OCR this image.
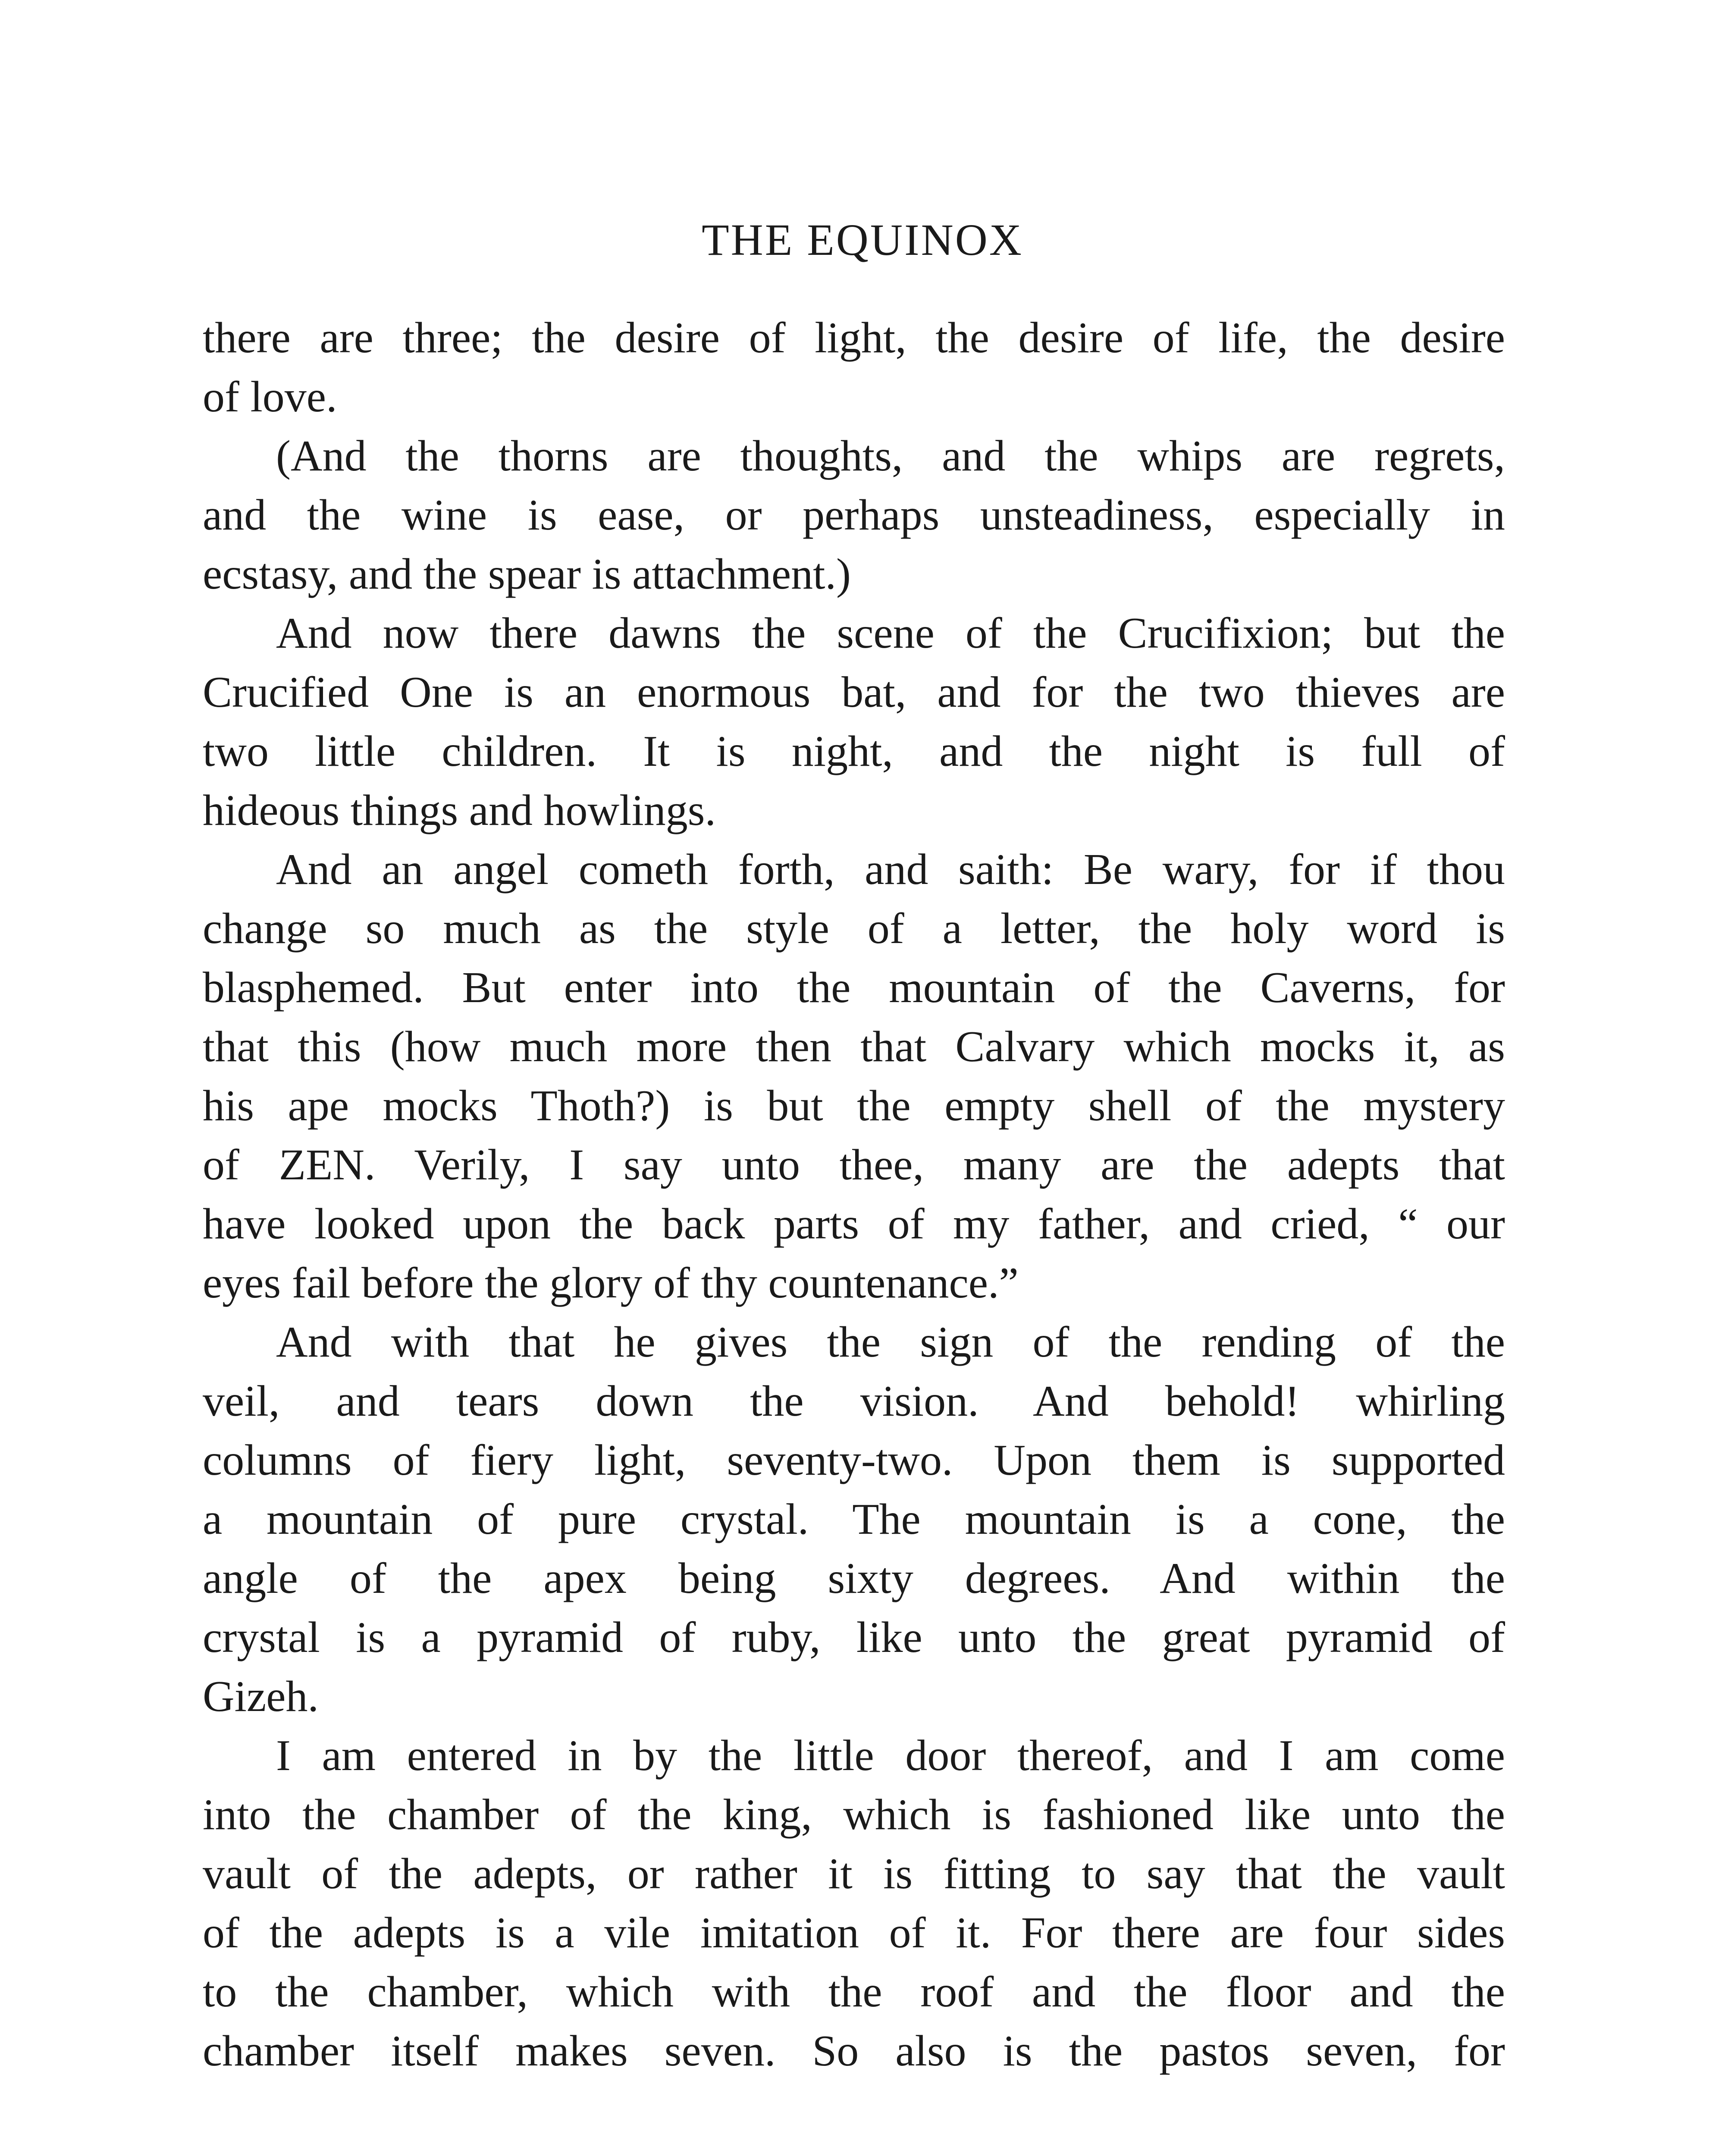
THE EQUINOX
there are three; the desire of light, the desire of life, the desire
of love.
(And the thorns are thoughts, and the whips are regrets,
and the wine is ease, or perhaps unsteadiness, especially in
ecstasy, and the spear is attachment.)
And now there dawns the scene of the Crucifixion; but the
Crucified One is an enormous bat, and for the two thieves are
two little children. It is night, and the night is full of
hideous things and howlings.
And an angel cometh forth, and saith: Be wary, for if thou
change so much as the style of a letter, the holy word is
blasphemed. But enter into the mountain of the Caverns, for
that this (how much more then that Calvary which mocks it, as
his ape mocks Thoth?) is but the empty shell of the mystery
of ZEN. Verily, I say unto thee, many are the adepts that
have looked upon the back parts of my father, and cried, “ our
eyes fail before the glory of thy countenance.”
And with that he gives the sign of the rending of the
veil, and tears down the vision. And behold! whirling
columns of fiery light, seventy-two. Upon them is supported
a mountain of pure crystal. The mountain is a cone, the
angle of the apex being sixty degrees. And within the
crystal is a pyramid of ruby, like unto the great pyramid of
Gizeh.
I am entered in by the little door thereof, and I am come
into the chamber of the king, which is fashioned like unto the
vault of the adepts, or rather it is fitting to say that the vault
of the adepts is a vile imitation of it. For there are four sides
to the chamber, which with the roof and the floor and the
chamber itself makes seven. So also is the pastos seven, for
